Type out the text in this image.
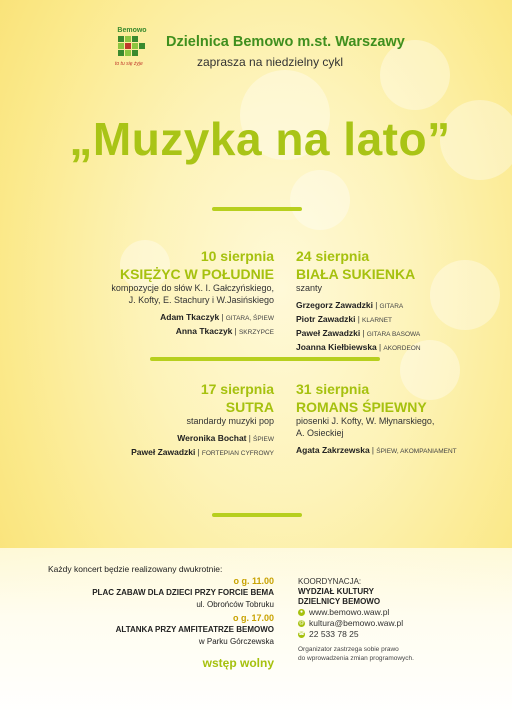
Bemowo
to tu się żyje
Dzielnica Bemowo m.st. Warszawy
zaprasza na niedzielny cykl
„Muzyka na lato”
10 sierpnia
KSIĘŻYC W POŁUDNIE
kompozycje do słów K. I. Gałczyńskiego,
J. Kofty, E. Stachury i W.Jasińskiego
Adam Tkaczyk | GITARA, ŚPIEW
Anna Tkaczyk | SKRZYPCE
24 sierpnia
BIAŁA SUKIENKA
szanty
Grzegorz Zawadzki | GITARA
Piotr Zawadzki | KLARNET
Paweł Zawadzki | GITARA BASOWA
Joanna Kiełbiewska | AKORDEON
17 sierpnia
SUTRA
standardy muzyki pop
Weronika Bochat | ŚPIEW
Paweł Zawadzki | FORTEPIAN CYFROWY
31 sierpnia
ROMANS ŚPIEWNY
piosenki J. Kofty, W. Młynarskiego,
A. Osieckiej
Agata Zakrzewska | ŚPIEW, AKOMPANIAMENT
Każdy koncert będzie realizowany dwukrotnie:
o g. 11.00
PLAC ZABAW DLA DZIECI PRZY FORCIE BEMA
ul. Obrońców Tobruku
o g. 17.00
ALTANKA PRZY AMFITEATRZE BEMOWO
w Parku Górczewska
wstęp wolny
KOORDYNACJA:
WYDZIAŁ KULTURY
DZIELNICY BEMOWO
● www.bemowo.waw.pl
@ kultura@bemowo.waw.pl
☎ 22 533 78 25
Organizator zastrzega sobie prawo
do wprowadzenia zmian programowych.
